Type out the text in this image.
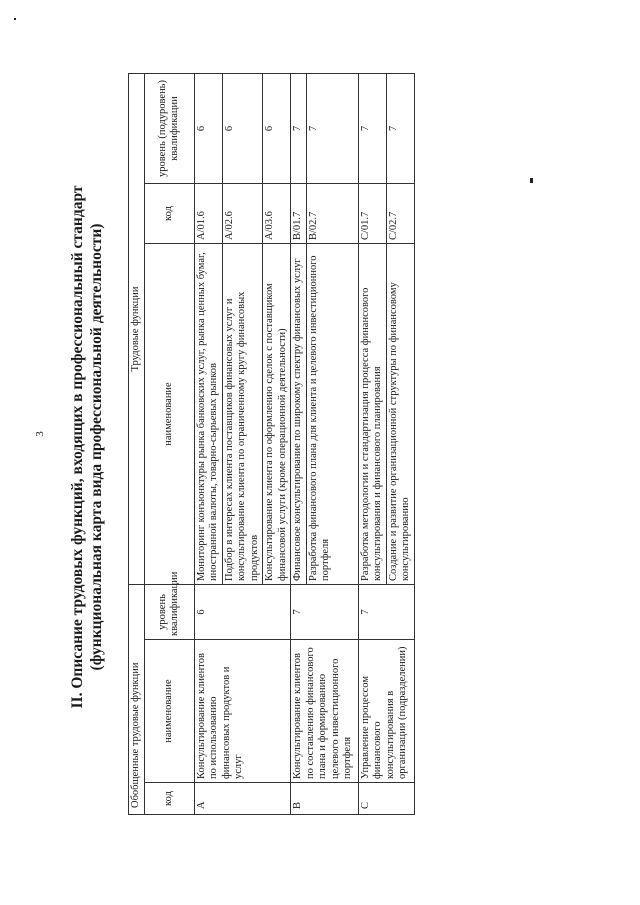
3 II. Описание трудовых функций, входящих в профессиональный стандарт (функциональная карта вида профессиональной деятельности)
Обобщенные трудовые функции			Трудовые функции		
код	наименование	уровень квалификации	наименование	код	уровень (подуровень) квалификации
A	Консультирование клиентов по использованию финансовых продуктов и услуг	6	Мониторинг конъюнктуры рынка банковских услуг, рынка ценных бумаг, иностранной валюты, товарно-сырьевых рынков	A/01.6	6
			Подбор в интересах клиента поставщиков финансовых услуг и консультирование клиента по ограниченному кругу финансовых продуктов	A/02.6	6
			Консультирование клиента по оформлению сделок с поставщиком финансовой услуги (кроме операционной деятельности)	A/03.6	6
B	Консультирование клиентов по составлению финансового плана и формированию целевого инвестиционного портфеля	7	Финансовое консультирование по широкому спектру финансовых услуг	B/01.7	7
			Разработка финансового плана для клиента и целевого инвестиционного портфеля	B/02.7	7
C	Управление процессом финансового консультирования в организации (подразделении)	7	Разработка методологии и стандартизация процесса финансового консультирования и финансового планирования	C/01.7	7
			Создание и развитие организационной структуры по финансовому консультированию	C/02.7	7
